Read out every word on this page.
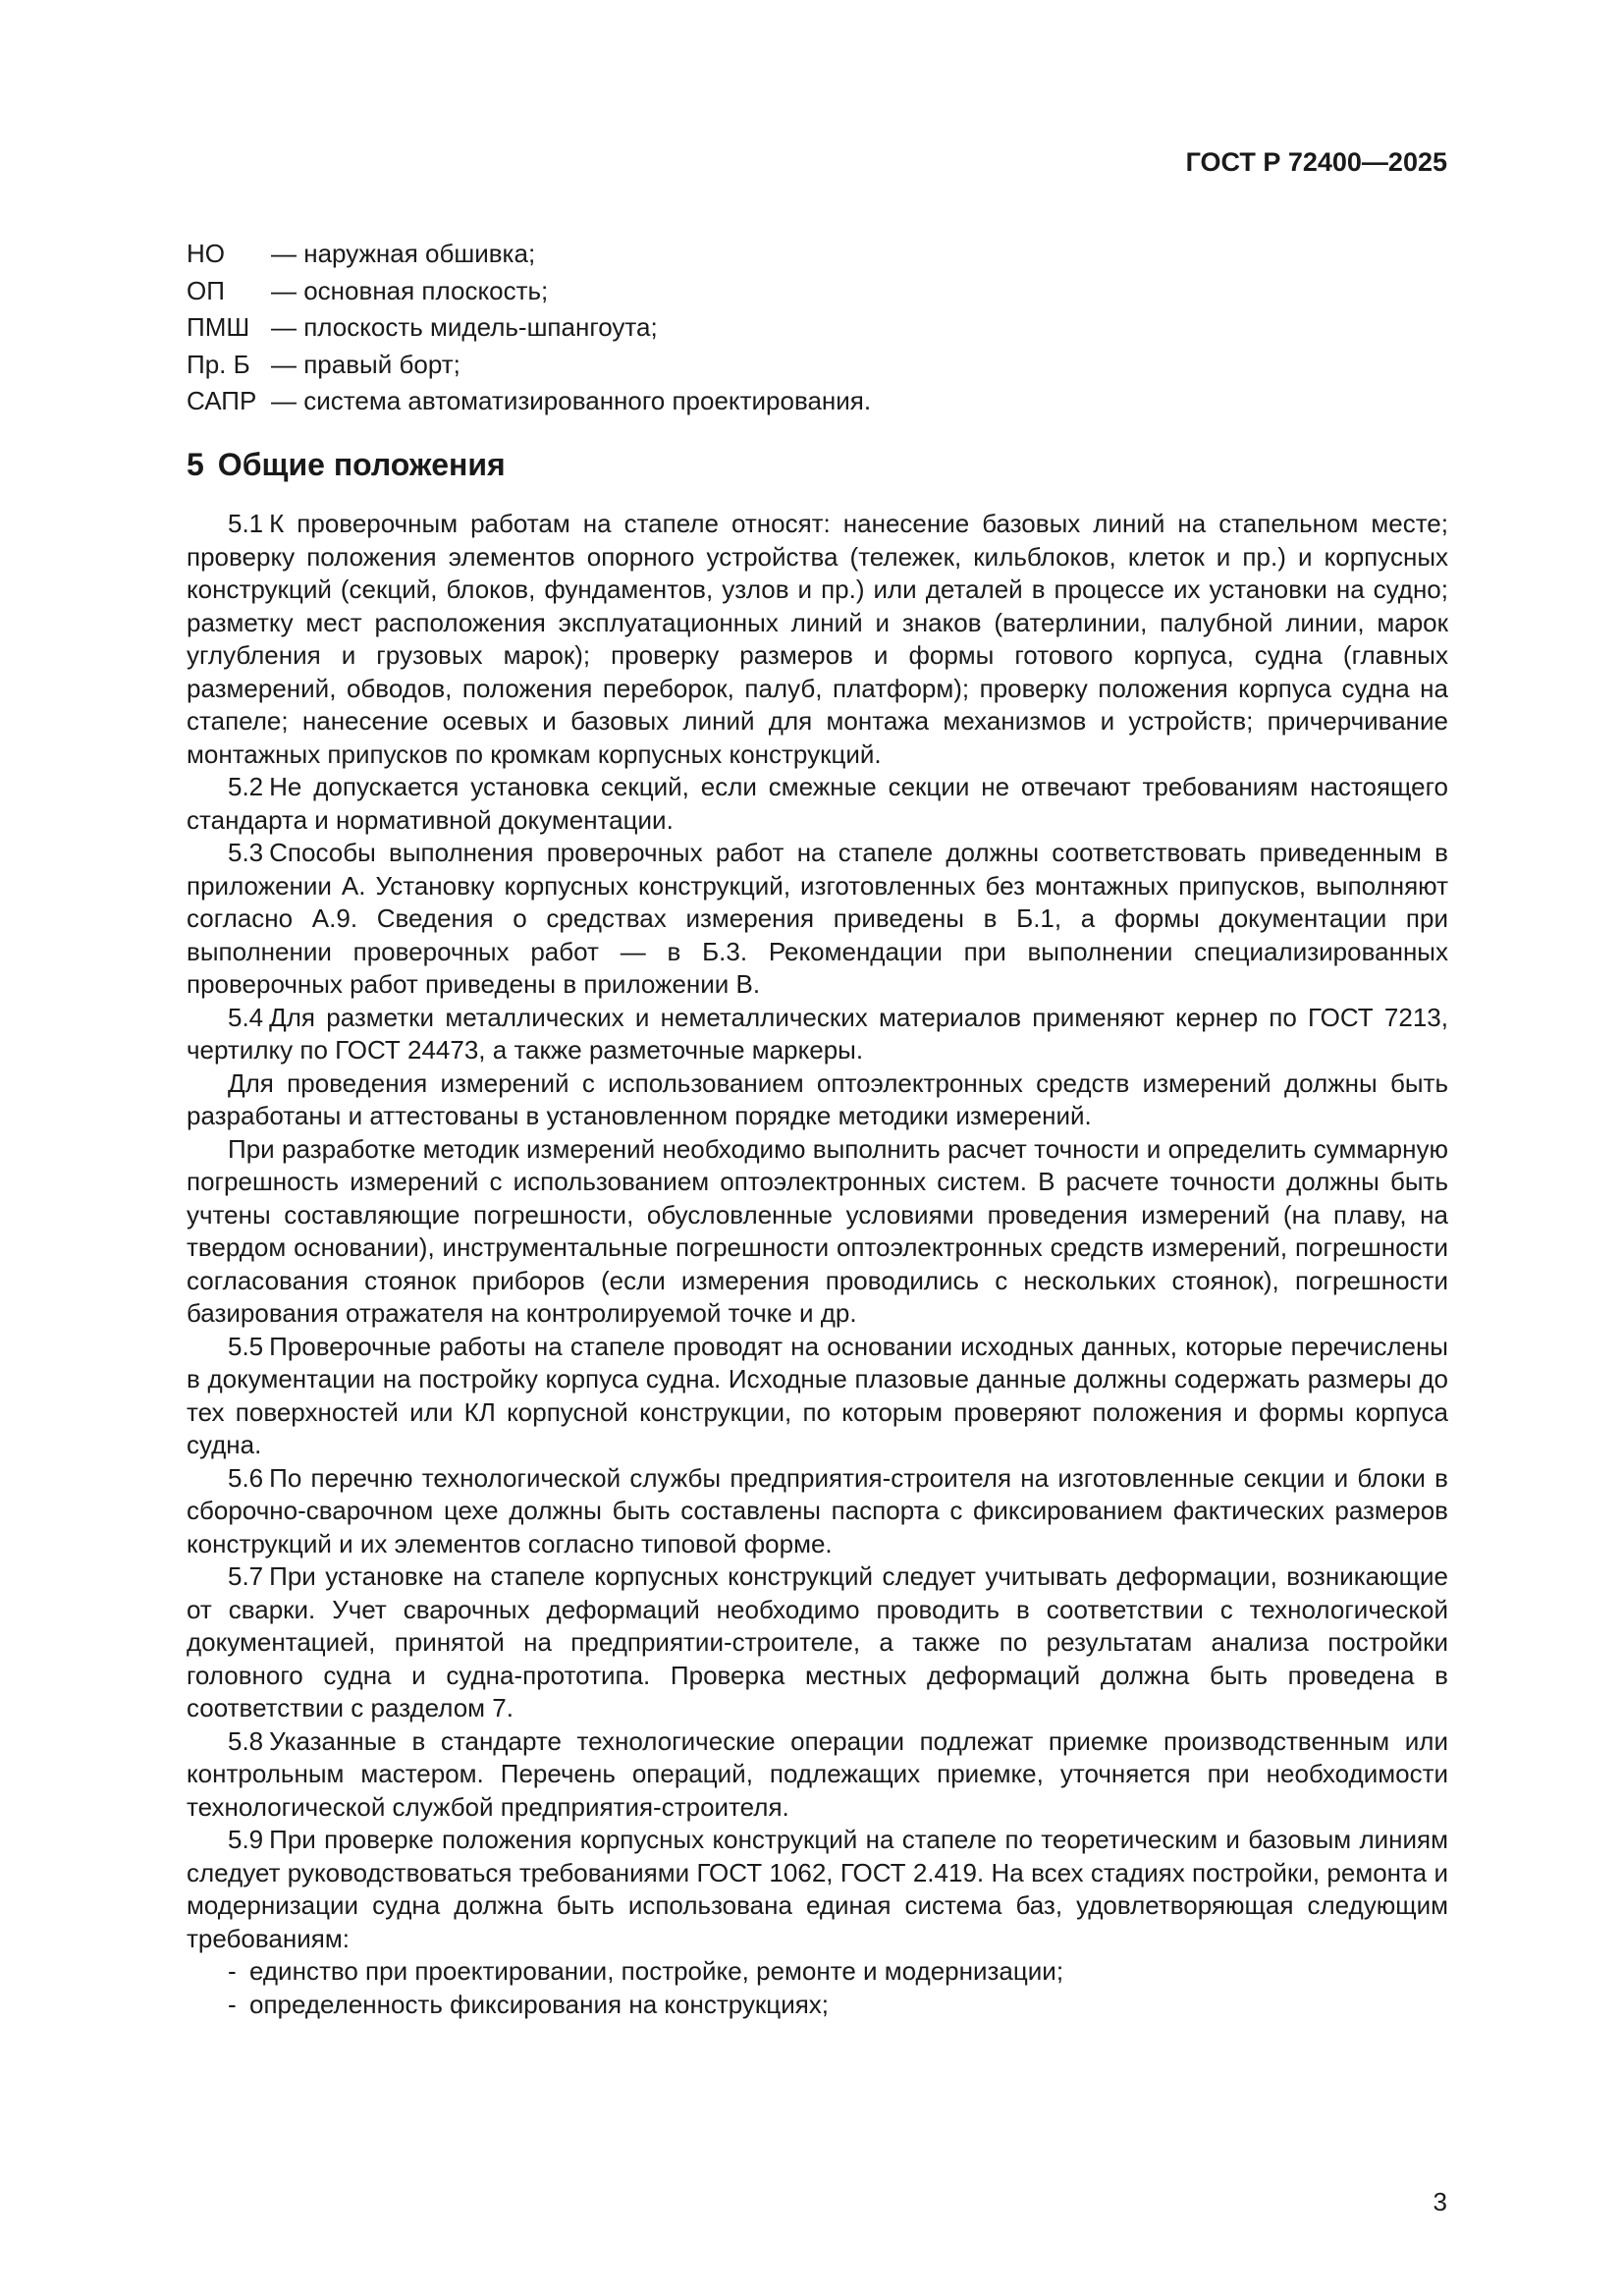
ГОСТ Р 72400—2025
НО	— наружная обшивка;
ОП	— основная плоскость;
ПМШ — плоскость мидель-шпангоута;
Пр. Б — правый борт;
САПР — система автоматизированного проектирования.
5 Общие положения

5.1 К проверочным работам на стапеле относят: нанесение базовых линий на стапельном месте; проверку положения элементов опорного устройства (тележек, кильблоков, клеток и пр.) и корпусных конструкций (секций, блоков, фундаментов, узлов и пр.) или деталей в процессе их установки на судно; разметку мест расположения эксплуатационных линий и знаков (ватерлинии, палубной линии, марок углубления и грузовых марок); проверку размеров и формы готового корпуса, судна (главных размерений, обводов, положения переборок, палуб, платформ); проверку положения корпуса судна на стапеле; нанесение осевых и базовых линий для монтажа механизмов и устройств; причерчивание монтажных припусков по кромкам корпусных конструкций.

5.2 Не допускается установка секций, если смежные секции не отвечают требованиям настоящего стандарта и нормативной документации.

5.3 Способы выполнения проверочных работ на стапеле должны соответствовать приведенным в приложении А. Установку корпусных конструкций, изготовленных без монтажных припусков, выполняют согласно А.9. Сведения о средствах измерения приведены в Б.1, а формы документации при выполнении проверочных работ — в Б.3. Рекомендации при выполнении специализированных проверочных работ приведены в приложении В.

5.4 Для разметки металлических и неметаллических материалов применяют кернер по ГОСТ 7213, чертилку по ГОСТ 24473, а также разметочные маркеры.

Для проведения измерений с использованием оптоэлектронных средств измерений должны быть разработаны и аттестованы в установленном порядке методики измерений.

При разработке методик измерений необходимо выполнить расчет точности и определить суммарную погрешность измерений с использованием оптоэлектронных систем. В расчете точности должны быть учтены составляющие погрешности, обусловленные условиями проведения измерений (на плаву, на твердом основании), инструментальные погрешности оптоэлектронных средств измерений, погрешности согласования стоянок приборов (если измерения проводились с нескольких стоянок), погрешности базирования отражателя на контролируемой точке и др.

5.5 Проверочные работы на стапеле проводят на основании исходных данных, которые перечислены в документации на постройку корпуса судна. Исходные плазовые данные должны содержать размеры до тех поверхностей или КЛ корпусной конструкции, по которым проверяют положения и формы корпуса судна.

5.6 По перечню технологической службы предприятия-строителя на изготовленные секции и блоки в сборочно-сварочном цехе должны быть составлены паспорта с фиксированием фактических размеров конструкций и их элементов согласно типовой форме.

5.7 При установке на стапеле корпусных конструкций следует учитывать деформации, возникающие от сварки. Учет сварочных деформаций необходимо проводить в соответствии с технологической документацией, принятой на предприятии-строителе, а также по результатам анализа постройки головного судна и судна-прототипа. Проверка местных деформаций должна быть проведена в соответствии с разделом 7.

5.8 Указанные в стандарте технологические операции подлежат приемке производственным или контрольным мастером. Перечень операций, подлежащих приемке, уточняется при необходимости технологической службой предприятия-строителя.

5.9 При проверке положения корпусных конструкций на стапеле по теоретическим и базовым линиям следует руководствоваться требованиями ГОСТ 1062, ГОСТ 2.419. На всех стадиях постройки, ремонта и модернизации судна должна быть использована единая система баз, удовлетворяющая следующим требованиям:

- единство при проектировании, постройке, ремонте и модернизации;

- определенность фиксирования на конструкциях;

3
